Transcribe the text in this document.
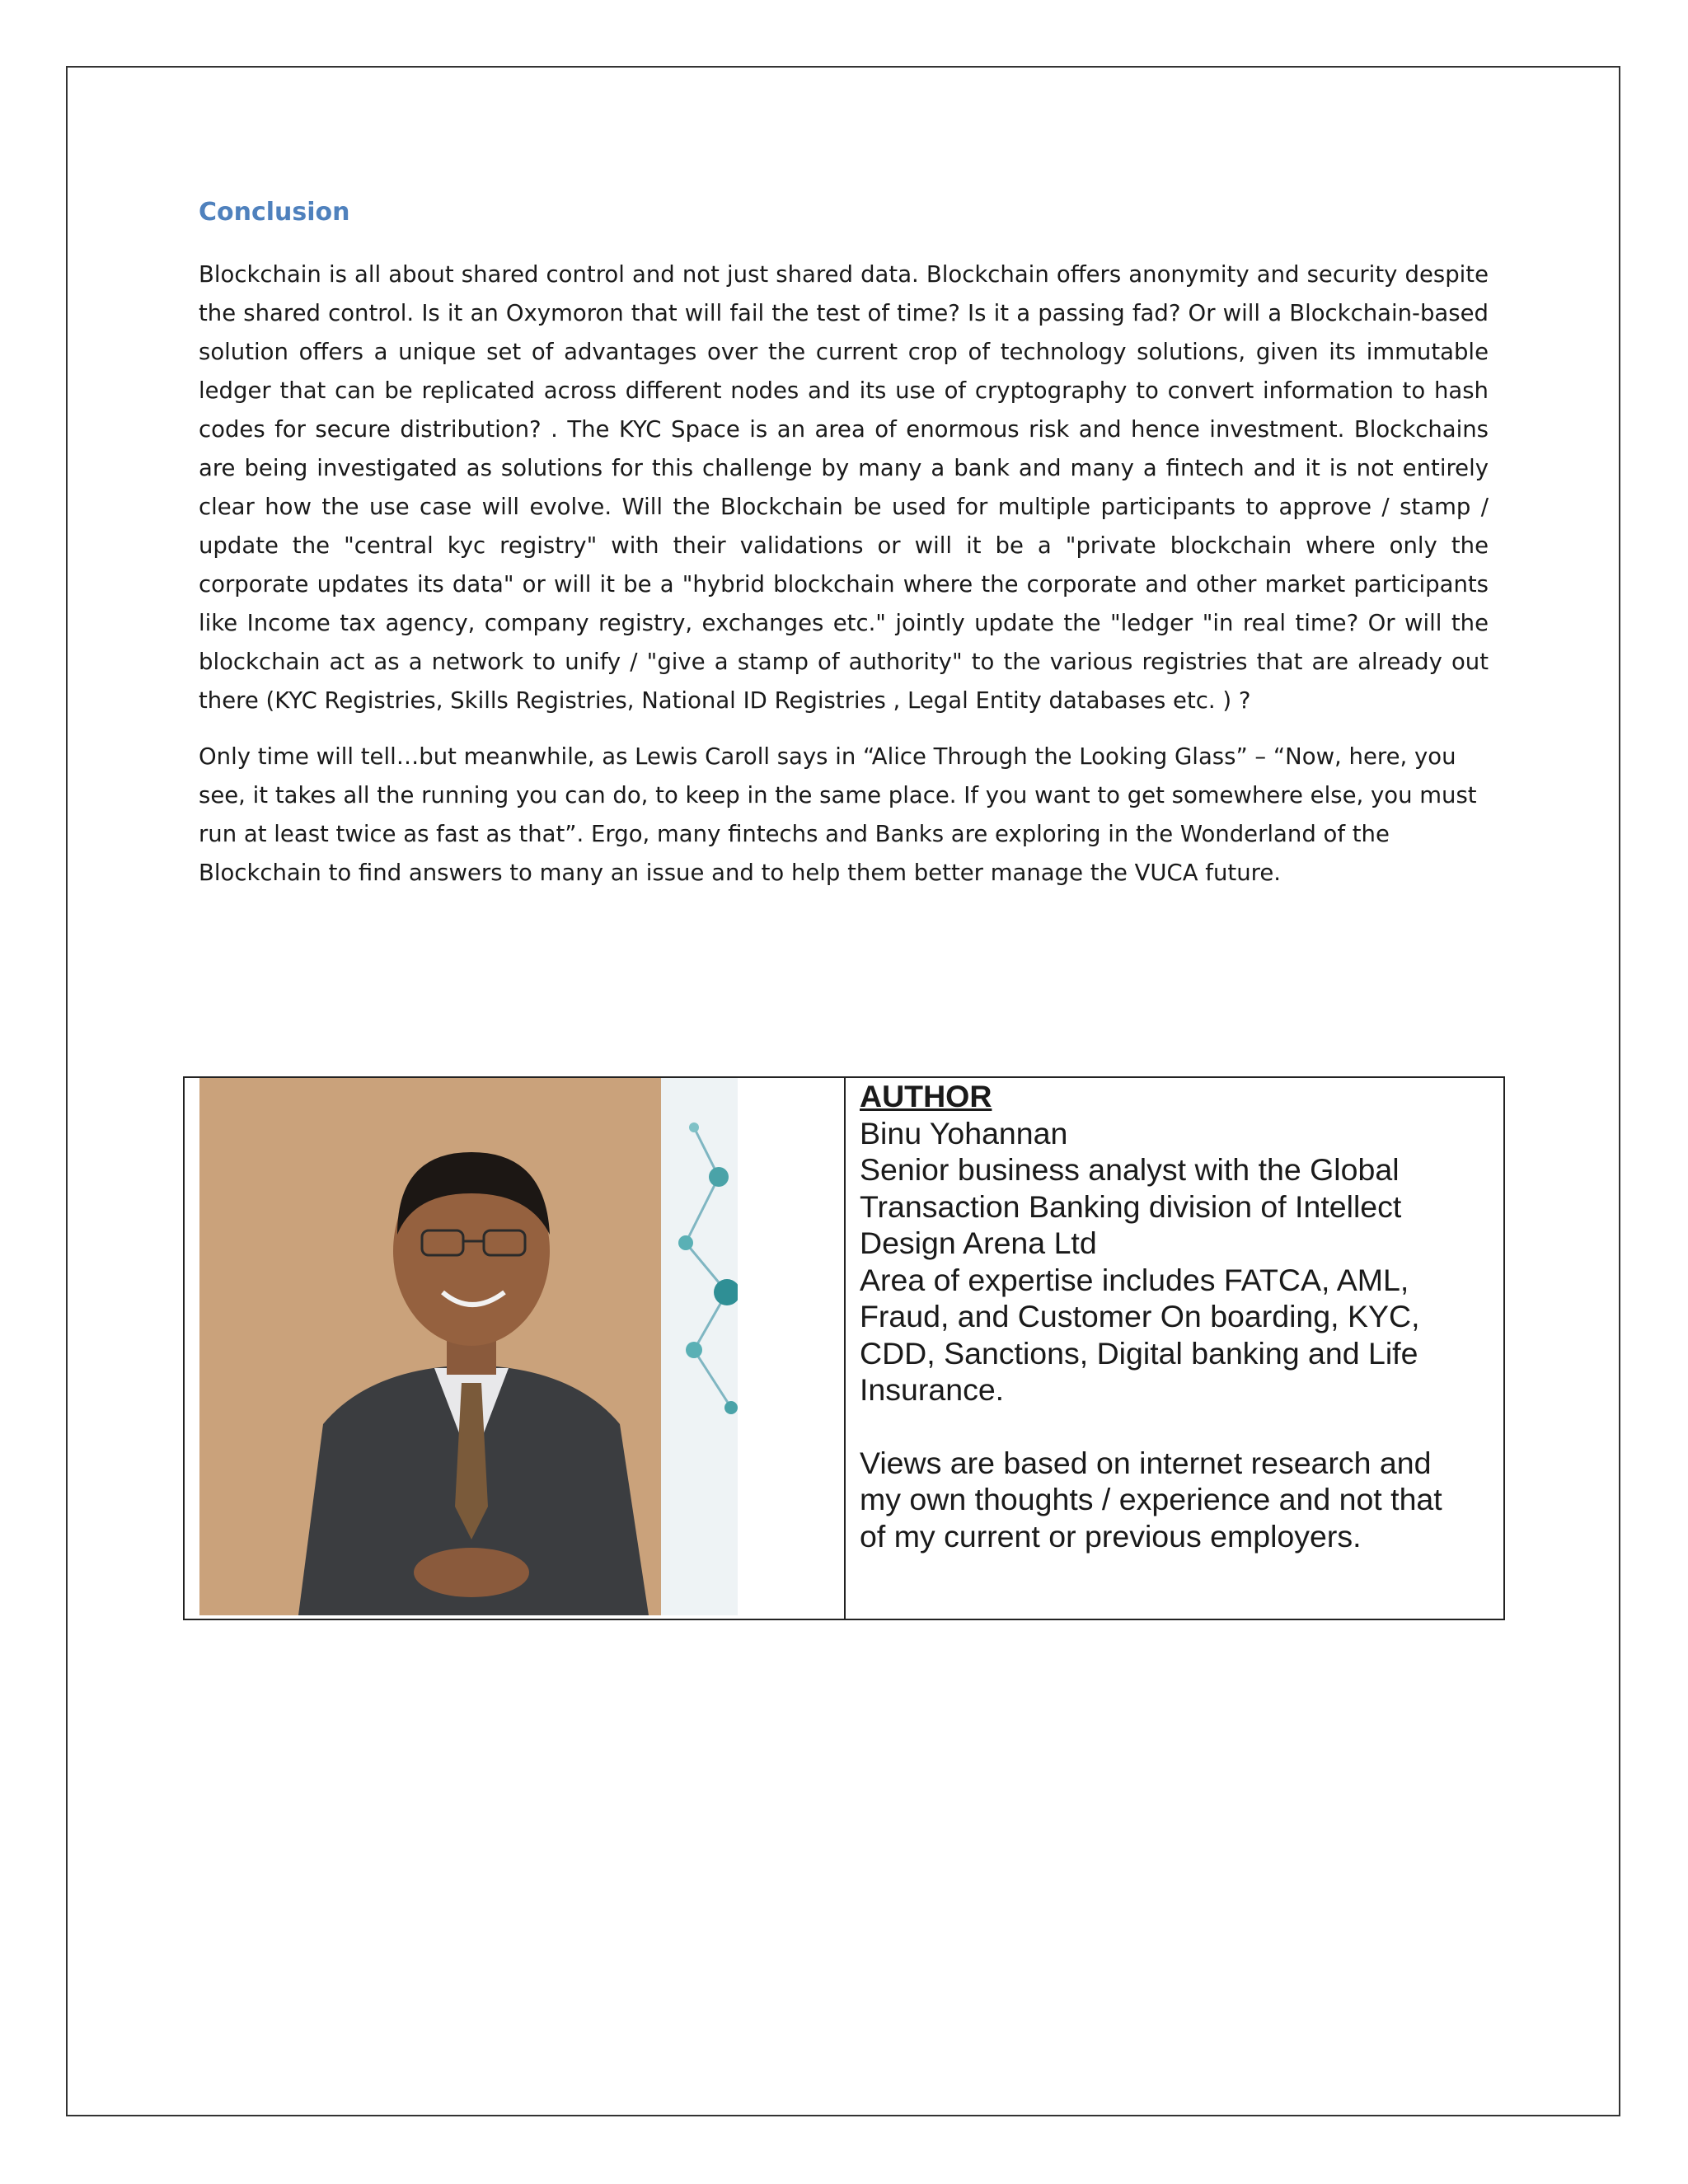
Conclusion

Blockchain is all about shared control and not just shared data. Blockchain offers anonymity and security despite the shared control. Is it an Oxymoron that will fail the test of time? Is it a passing fad? Or will a Blockchain-based solution offers a unique set of advantages over the current crop of technology solutions, given its immutable ledger that can be replicated across different nodes and its use of cryptography to convert information to hash codes for secure distribution? . The KYC Space is an area of enormous risk and hence investment. Blockchains are being investigated as solutions for this challenge by many a bank and many a fintech and it is not entirely clear how the use case will evolve. Will the Blockchain be used for multiple participants to approve / stamp / update the "central kyc registry" with their validations or will it be a "private blockchain where only the corporate updates its data" or will it be a "hybrid blockchain where the corporate and other market participants like Income tax agency, company registry, exchanges etc." jointly update the "ledger "in real time? Or will the blockchain act as a network to unify / "give a stamp of authority" to the various registries that are already out there (KYC Registries, Skills Registries, National ID Registries , Legal Entity databases etc. ) ?

Only time will tell…but meanwhile, as Lewis Caroll says in “Alice Through the Looking Glass” – “Now, here, you see, it takes all the running you can do, to keep in the same place. If you want to get somewhere else, you must run at least twice as fast as that”. Ergo, many fintechs and Banks are exploring in the Wonderland of the Blockchain to find answers to many an issue and to help them better manage the VUCA future.

AUTHOR
Binu Yohannan
Senior business analyst with the Global
Transaction Banking division of Intellect
Design Arena Ltd
Area of expertise includes FATCA, AML,
Fraud, and Customer On boarding, KYC,
CDD, Sanctions, Digital banking and Life
Insurance.
Views are based on internet research and
my own thoughts / experience and not that
of my current or previous employers.
